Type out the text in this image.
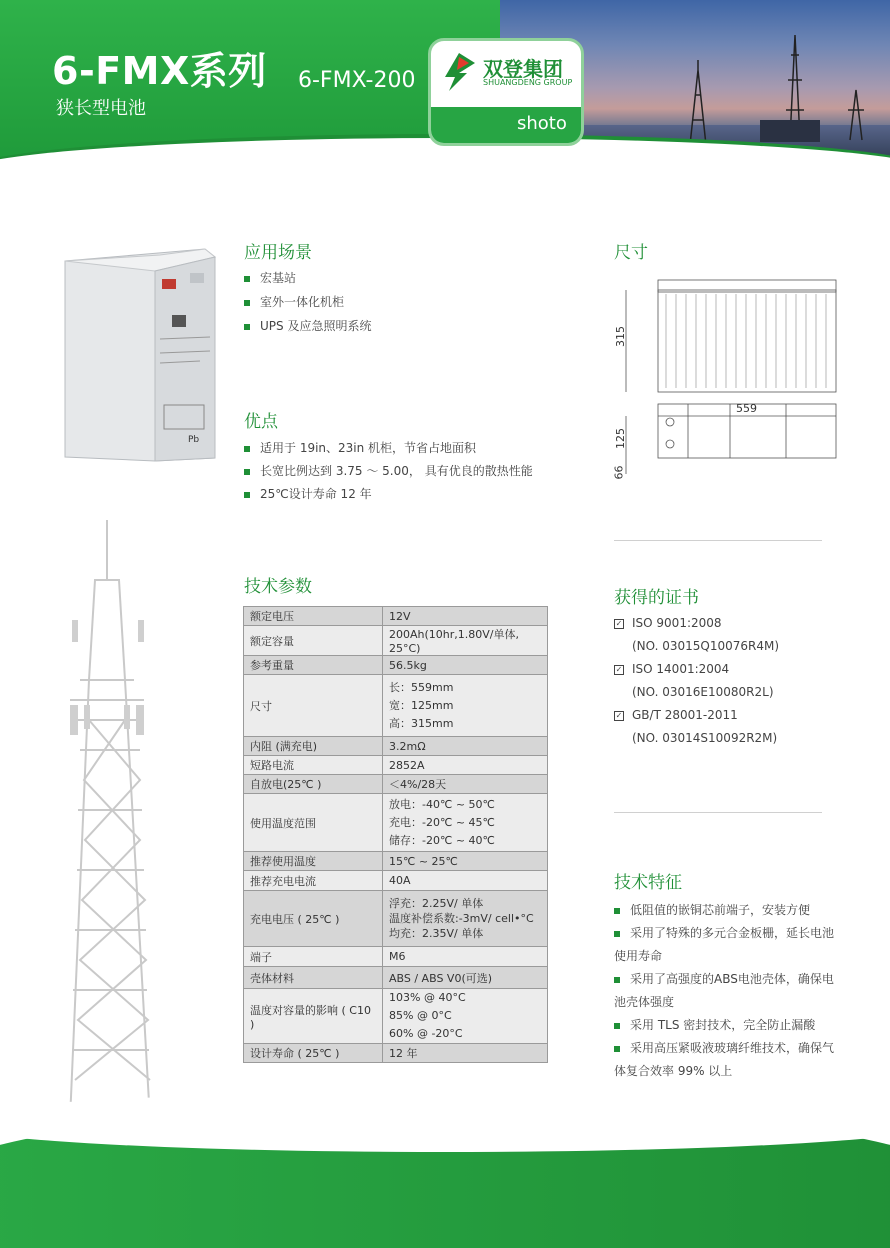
6-FMX系列
狭长型电池
6-FMX-200	双登集团
SHUANGDENG GROUP
shoto
Pb
应用场景
宏基站
室外一体化机柜
UPS 及应急照明系统
优点
适用于 19in、23in 机柜，节省占地面积
长宽比例达到 3.75 ～ 5.00， 具有优良的散热性能
25℃设计寿命 12 年
尺寸
315
559
125
66
技术参数
额定电压	12V
额定容量	200Ah(10hr,1.80V/单体, 25°C)
参考重量	56.5kg
尺寸	长：559mm
宽：125mm
高：315mm

内阻 (满充电)	3.2mΩ
短路电流	2852A
自放电(25℃ )	＜4%/28天
使用温度范围	放电：-40℃ ~ 50℃
充电：-20℃ ~ 45℃
储存：-20℃ ~ 40℃

推荐使用温度	15℃ ~ 25℃
推荐充电电流	40A
充电电压 ( 25℃ )	浮充：2.25V/ 单体
温度补偿系数:-3mV/ cell•°C
均充：2.35V/ 单体

端子	M6
壳体材料	ABS / ABS V0(可选)
温度对容量的影响 ( C10 )	103% @ 40°C
85% @ 0°C
60% @ -20°C

设计寿命 ( 25℃ )	12 年
获得的证书
✓ ISO 9001:2008
(NO. 03015Q10076R4M)
✓ ISO 14001:2004
(NO. 03016E10080R2L)
✓ GB/T 28001-2011
(NO. 03014S10092R2M)
技术特征
低阻值的嵌铜芯前端子，安装方便
采用了特殊的多元合金板栅，延长电池使用寿命
采用了高强度的ABS电池壳体，确保电池壳体强度
采用 TLS 密封技术，完全防止漏酸
采用高压紧吸液玻璃纤维技术，确保气体复合效率 99% 以上
